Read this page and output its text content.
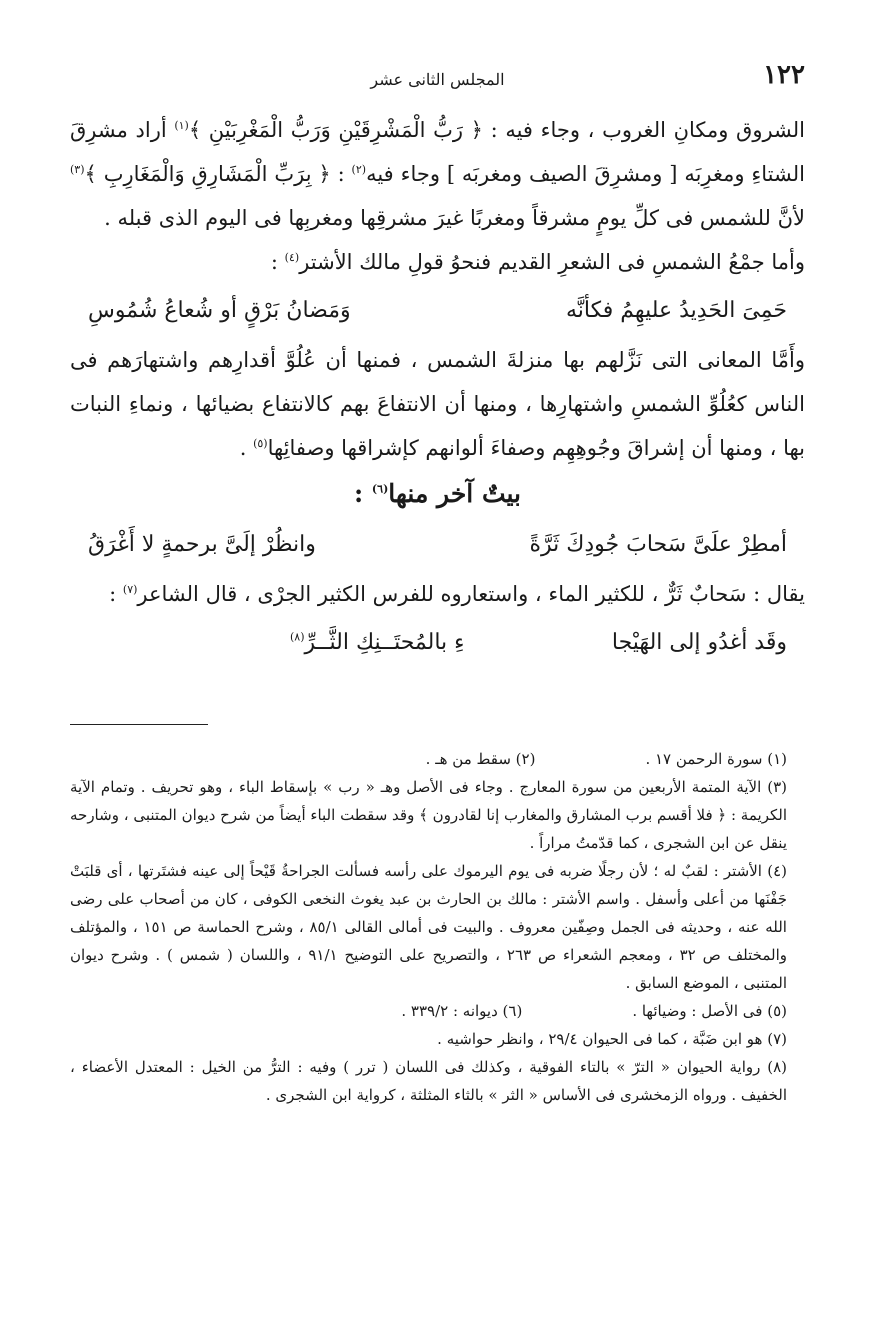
١٢٢
المجلس الثانى عشر

الشروق ومكانِ الغروب ، وجاء فيه : ﴿ رَبُّ الْمَشْرِقَيْنِ وَرَبُّ الْمَغْرِبَيْنِ ﴾$^{(١)}$ أراد مشرِقَ الشتاءِ ومغرِبَه [ ومشرِقَ الصيف ومغربَه ] وجاء فيه$^{(٢)}$ : ﴿ بِرَبِّ الْمَشَارِقِ وَالْمَغَارِبِ ﴾$^{(٣)}$ لأنَّ للشمس فى كلِّ يومٍ مشرقاً ومغربًا غيرَ مشرقِها ومغربِها فى اليوم الذى قبله .

وأما جمْعُ الشمسِ فى الشعرِ القديم فنحوُ قولِ مالك الأشتر$^{(٤)}$ :

حَمِىَ الحَدِيدُ عليهِمُ فكأنَّه
وَمَضانُ بَرْقٍ أو شُعاعُ شُمُوسِ

وأَمَّا المعانى التى نَزَّلهم بها منزلةَ الشمس ، فمنها أن عُلُوَّ أقدارِهم واشتهارَهم فى الناس كعُلُوِّ الشمسِ واشتهارِها ، ومنها أن الانتفاعَ بهم كالانتفاع بضيائها ، ونماءِ النبات بها ، ومنها أن إشراقَ وجُوهِهِم وصفاءَ ألوانهم كإشراقها وصفائِها$^{(٥)}$ .

بيتٌ آخر منها$^{(٦)}$ :
أمطِرْ علَىَّ سَحابَ جُودِكَ ثَرَّةً
وانظُرْ إلَىَّ برحمةٍ لا أَغْرَقُ

يقال : سَحابٌ ثَرٌّ ، للكثير الماء ، واستعاروه للفرس الكثير الجرْى ، قال الشاعر$^{(٧)}$ :

وقَد أغدُو إلى الهَيْجا
ءِ بالمُحتَــنِكِ الثَّــرِّ$^{(٨)}$
(١) سورة الرحمن ١٧ .
(٢) سقط من هـ .

(٣) الآية المتمة الأربعين من سورة المعارج . وجاء فى الأصل وهـ « رب » بإسقاط الباء ، وهو تحريف . وتمام الآية الكريمة : ﴿ فلا أقسم برب المشارق والمغارب إنا لقادرون ﴾ وقد سقطت الباء أيضاً من شرح ديوان المتنبى ، وشارحه ينقل عن ابن الشجرى ، كما قدّمتُ مراراً .

(٤) الأشتر : لقبٌ له ؛ لأن رجلًا ضربه فى يوم اليرموك على رأسه فسألت الجراحةُ قَيْحاً إلى عينه فشتَرتها ، أى قلبَتْ جَفْنَها من أعلى وأسفل . واسم الأشتر : مالك بن الحارث بن عبد يغوث النخعى الكوفى ، كان من أصحاب على رضى الله عنه ، وحديثه فى الجمل وصِفّين معروف . والبيت فى أمالى القالى ٨٥/١ ، وشرح الحماسة ص ١٥١ ، والمؤتلف والمختلف ص ٣٢ ، ومعجم الشعراء ص ٢٦٣ ، والتصريح على التوضيح ٩١/١ ، واللسان ( شمس ) . وشرح ديوان المتنبى ، الموضع السابق .

(٥) فى الأصل : وضيائها .
(٦) ديوانه : ٣٣٩/٢ .

(٧) هو ابن ضَبَّة ، كما فى الحيوان ٢٩/٤ ، وانظر حواشيه .

(٨) رواية الحيوان « الترّ » بالتاء الفوقية ، وكذلك فى اللسان ( ترر ) وفيه : الترُّ من الخيل : المعتدل الأعضاء ، الخفيف . ورواه الزمخشرى فى الأساس « الثر » بالثاء المثلثة ، كرواية ابن الشجرى .
